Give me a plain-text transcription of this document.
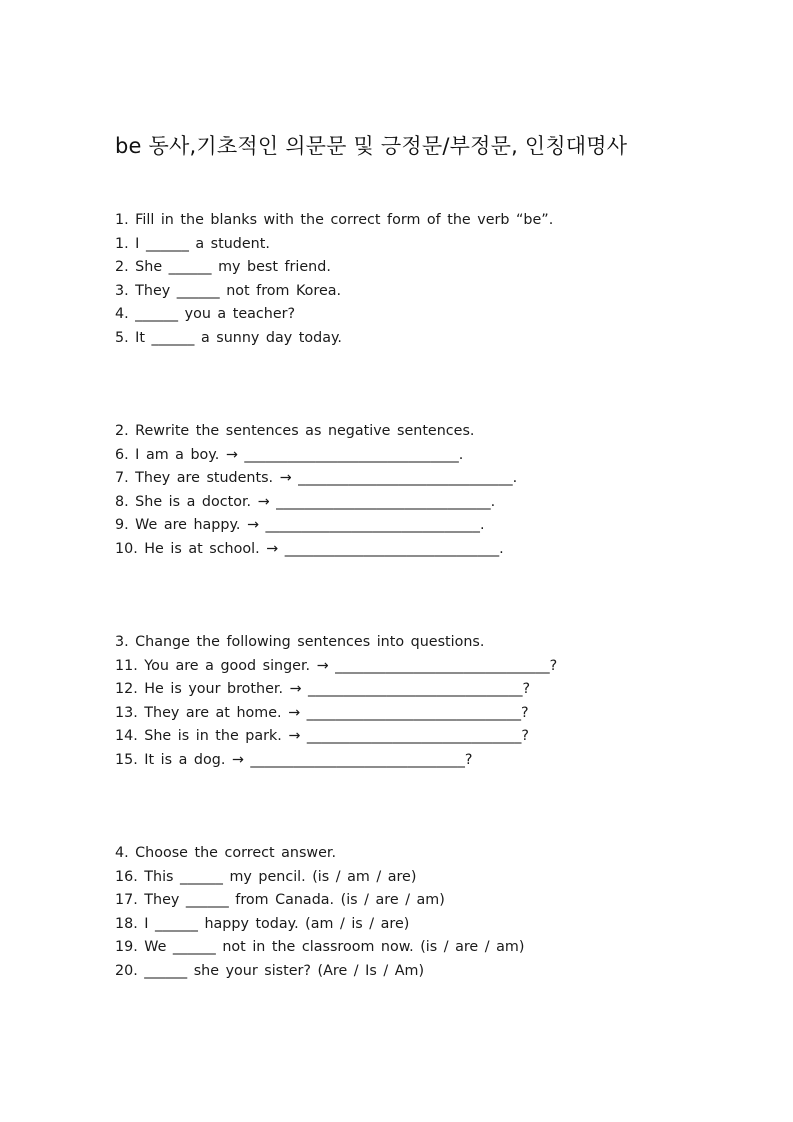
be 동사,기초적인 의문문 및 긍정문/부정문, 인칭대명사
1. Fill in the blanks with the correct form of the verb “be”.
1. I ______ a student.
2. She ______ my best friend.
3. They ______ not from Korea.
4. ______ you a teacher?
5. It ______ a sunny day today.
2. Rewrite the sentences as negative sentences.
6. I am a boy. → ______________________________.
7. They are students. → ______________________________.
8. She is a doctor. → ______________________________.
9. We are happy. → ______________________________.
10. He is at school. → ______________________________.
3. Change the following sentences into questions.
11. You are a good singer. → ______________________________?
12. He is your brother. → ______________________________?
13. They are at home. → ______________________________?
14. She is in the park. → ______________________________?
15. It is a dog. → ______________________________?
4. Choose the correct answer.
16. This ______ my pencil. (is / am / are)
17. They ______ from Canada. (is / are / am)
18. I ______ happy today. (am / is / are)
19. We ______ not in the classroom now. (is / are / am)
20. ______ she your sister? (Are / Is / Am)
